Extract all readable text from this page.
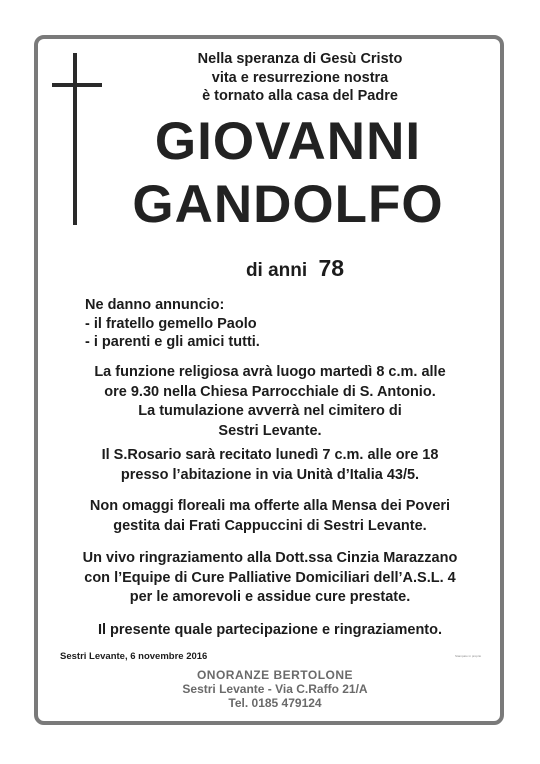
Nella speranza di Gesù Cristo
vita e resurrezione nostra
è tornato alla casa del Padre
GIOVANNI
GANDOLFO
di anni 78
Ne danno annuncio:
- il fratello gemello Paolo
- i parenti e gli amici tutti.
La funzione religiosa avrà luogo martedì 8 c.m. alle
ore 9.30 nella Chiesa Parrocchiale di S. Antonio.
La tumulazione avverrà nel cimitero di
Sestri Levante.
Il S.Rosario sarà recitato lunedì 7 c.m. alle ore 18
presso l’abitazione in via Unità d’Italia 43/5.
Non omaggi floreali ma offerte alla Mensa dei Poveri
gestita dai Frati Cappuccini di Sestri Levante.
Un vivo ringraziamento alla Dott.ssa Cinzia Marazzano
con l’Equipe di Cure Palliative Domiciliari dell’A.S.L. 4
per le amorevoli e assidue cure prestate.
Il presente quale partecipazione e ringraziamento.
Sestri Levante, 6 novembre 2016	Stampato in proprio
ONORANZE BERTOLONE
Sestri Levante - Via C.Raffo 21/A
Tel. 0185 479124
